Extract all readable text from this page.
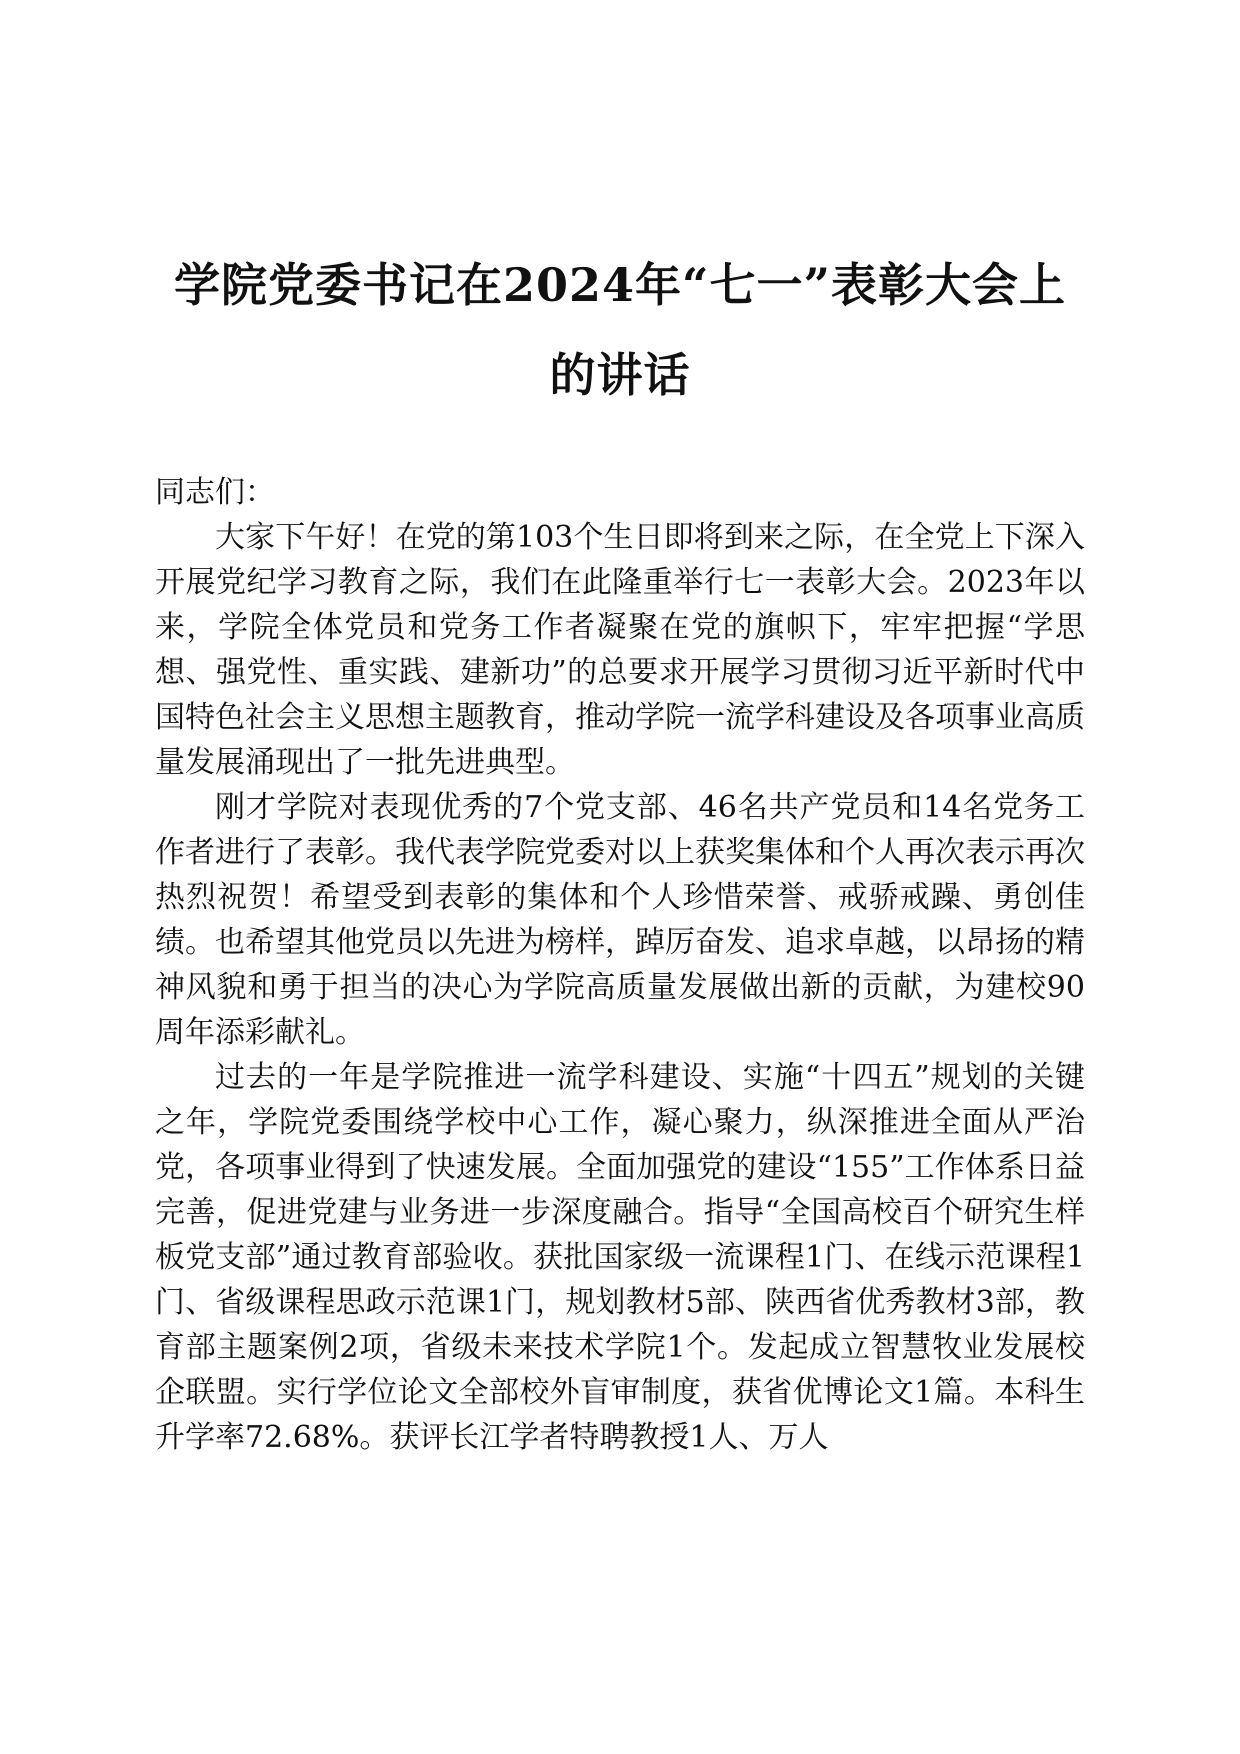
学院党委书记在2024年“七一”表彰大会上
的讲话

同志们：

大家下午好！在党的第103个生日即将到来之际，在全党上下深入开展党纪学习教育之际，我们在此隆重举行七一表彰大会。2023年以来，学院全体党员和党务工作者凝聚在党的旗帜下，牢牢把握“学思想、强党性、重实践、建新功”的总要求开展学习贯彻习近平新时代中国特色社会主义思想主题教育，推动学院一流学科建设及各项事业高质量发展涌现出了一批先进典型。

刚才学院对表现优秀的7个党支部、46名共产党员和14名党务工作者进行了表彰。我代表学院党委对以上获奖集体和个人再次表示再次热烈祝贺！希望受到表彰的集体和个人珍惜荣誉、戒骄戒躁、勇创佳绩。也希望其他党员以先进为榜样，踔厉奋发、追求卓越，以昂扬的精神风貌和勇于担当的决心为学院高质量发展做出新的贡献，为建校90周年添彩献礼。

过去的一年是学院推进一流学科建设、实施“十四五”规划的关键之年，学院党委围绕学校中心工作，凝心聚力，纵深推进全面从严治党，各项事业得到了快速发展。全面加强党的建设“155”工作体系日益完善，促进党建与业务进一步深度融合。指导“全国高校百个研究生样板党支部”通过教育部验收。获批国家级一流课程1门、在线示范课程1门、省级课程思政示范课1门，规划教材5部、陕西省优秀教材3部，教育部主题案例2项，省级未来技术学院1个。发起成立智慧牧业发展校企联盟。实行学位论文全部校外盲审制度，获省优博论文1篇。本科生升学率72.68%。获评长江学者特聘教授1人、万人
